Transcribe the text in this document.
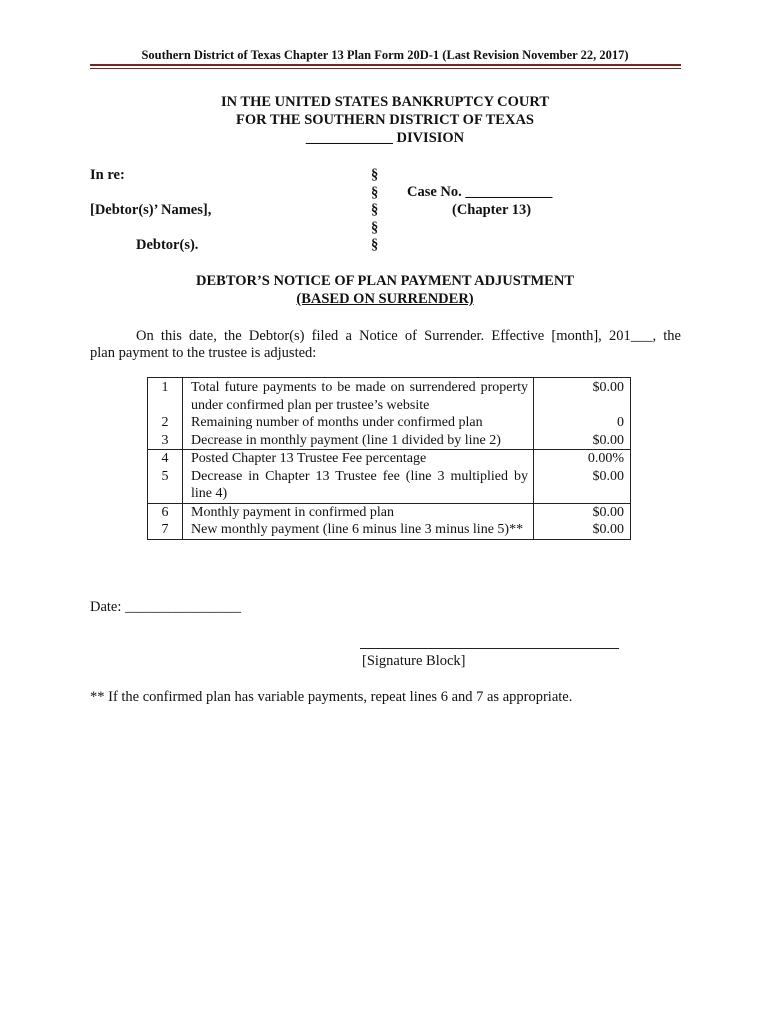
Southern District of Texas Chapter 13 Plan Form 20D-1 (Last Revision November 22, 2017)
IN THE UNITED STATES BANKRUPTCY COURT
FOR THE SOUTHERN DISTRICT OF TEXAS
____________ DIVISION
In re:
[Debtor(s)’ Names],
Debtor(s).
§
§
§
§
§
Case No. ____________
(Chapter 13)
DEBTOR’S NOTICE OF PLAN PAYMENT ADJUSTMENT
(BASED ON SURRENDER)
On this date, the Debtor(s) filed a Notice of Surrender. Effective [month], 201___, the
plan payment to the trustee is adjusted:
1	Total future payments to be made on surrendered property under confirmed plan per trustee’s website	$0.00
2	Remaining number of months under confirmed plan	0
3	Decrease in monthly payment (line 1 divided by line 2)	$0.00
4	Posted Chapter 13 Trustee Fee percentage	0.00%
5	Decrease in Chapter 13 Trustee fee (line 3 multiplied by line 4)	$0.00
6	Monthly payment in confirmed plan	$0.00
7	New monthly payment (line 6 minus line 3 minus line 5)**	$0.00
Date: ________________
[Signature Block]
** If the confirmed plan has variable payments, repeat lines 6 and 7 as appropriate.
